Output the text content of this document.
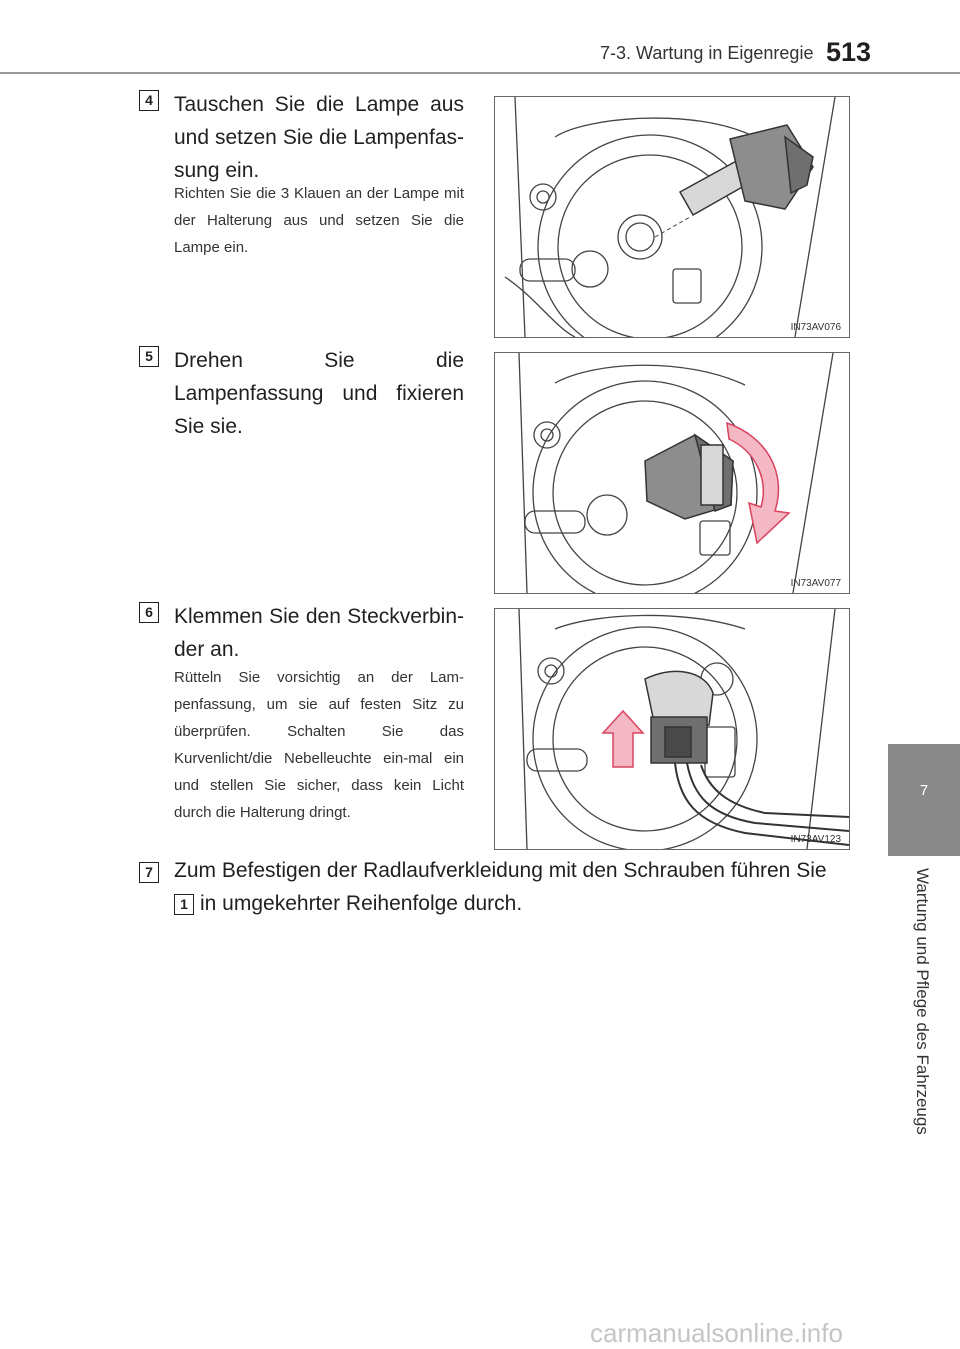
7-3. Wartung in Eigenregie 513
7
Wartung und Pflege des Fahrzeugs
4 Tauschen Sie die Lampe aus und setzen Sie die Lampenfas-sung ein.
Richten Sie die 3 Klauen an der Lampe mit der Halterung aus und setzen Sie die Lampe ein.
IN73AV076
5 Drehen Sie die Lampenfassung und fixieren Sie sie.
IN73AV077
6 Klemmen Sie den Steckverbin-der an.
Rütteln Sie vorsichtig an der Lam-penfassung, um sie auf festen Sitz zu überprüfen. Schalten Sie das Kurvenlicht/die Nebelleuchte ein-mal ein und stellen Sie sicher, dass kein Licht durch die Halterung dringt.
IN73AV123
7 Zum Befestigen der Radlaufverkleidung mit den Schrauben führen Sie
1 in umgekehrter Reihenfolge durch.
carmanualsonline.info
